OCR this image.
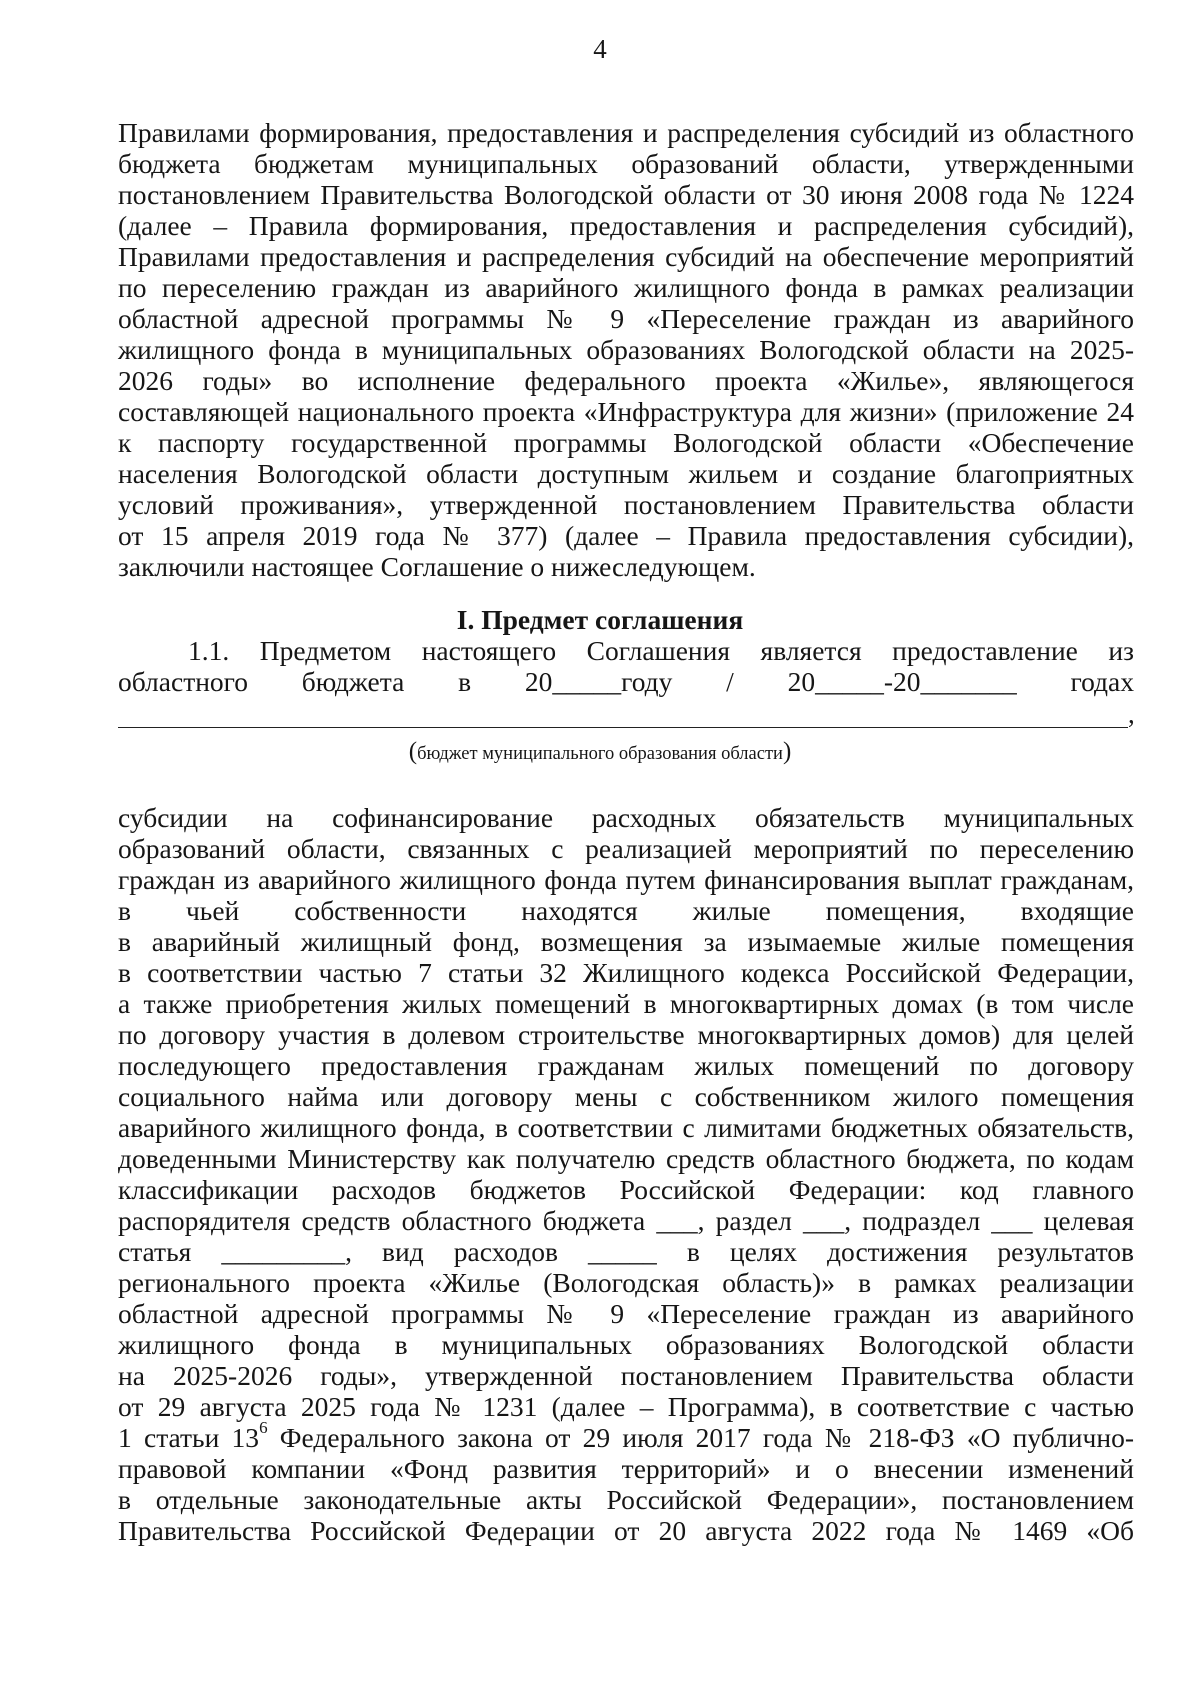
4
Правилами формирования, предоставления и распределения субсидий из областного
бюджета бюджетам муниципальных образований области, утвержденными
постановлением Правительства Вологодской области от 30 июня 2008 года № 1224
(далее – Правила формирования, предоставления и распределения субсидий),
Правилами предоставления и распределения субсидий на обеспечение мероприятий
по переселению граждан из аварийного жилищного фонда в рамках реализации
областной адресной программы № 9 «Переселение граждан из аварийного
жилищного фонда в муниципальных образованиях Вологодской области на 2025-
2026 годы» во исполнение федерального проекта «Жилье», являющегося
составляющей национального проекта «Инфраструктура для жизни» (приложение 24
к паспорту государственной программы Вологодской области «Обеспечение
населения Вологодской области доступным жильем и создание благоприятных
условий проживания», утвержденной постановлением Правительства области
от 15 апреля 2019 года № 377) (далее – Правила предоставления субсидии),
заключили настоящее Соглашение о нижеследующем.
I. Предмет соглашения
1.1. Предметом настоящего Соглашения является предоставление из
областного бюджета в 20_____году / 20_____-20_______ годах
,
(бюджет муниципального образования области)
субсидии на софинансирование расходных обязательств муниципальных
образований области, связанных с реализацией мероприятий по переселению
граждан из аварийного жилищного фонда путем финансирования выплат гражданам,
в чьей собственности находятся жилые помещения, входящие
в аварийный жилищный фонд, возмещения за изымаемые жилые помещения
в соответствии частью 7 статьи 32 Жилищного кодекса Российской Федерации,
а также приобретения жилых помещений в многоквартирных домах (в том числе
по договору участия в долевом строительстве многоквартирных домов) для целей
последующего предоставления гражданам жилых помещений по договору
социального найма или договору мены с собственником жилого помещения
аварийного жилищного фонда, в соответствии с лимитами бюджетных обязательств,
доведенными Министерству как получателю средств областного бюджета, по кодам
классификации расходов бюджетов Российской Федерации: код главного
распорядителя средств областного бюджета ___, раздел ___, подраздел ___ целевая
статья _________, вид расходов _____ в целях достижения результатов
регионального проекта «Жилье (Вологодская область)» в рамках реализации
областной адресной программы № 9 «Переселение граждан из аварийного
жилищного фонда в муниципальных образованиях Вологодской области
на 2025-2026 годы», утвержденной постановлением Правительства области
от 29 августа 2025 года № 1231 (далее – Программа), в соответствие с частью
1 статьи $13^6$ Федерального закона от 29 июля 2017 года № 218-ФЗ «О публично-
правовой компании «Фонд развития территорий» и о внесении изменений
в отдельные законодательные акты Российской Федерации», постановлением
Правительства Российской Федерации от 20 августа 2022 года № 1469 «Об
